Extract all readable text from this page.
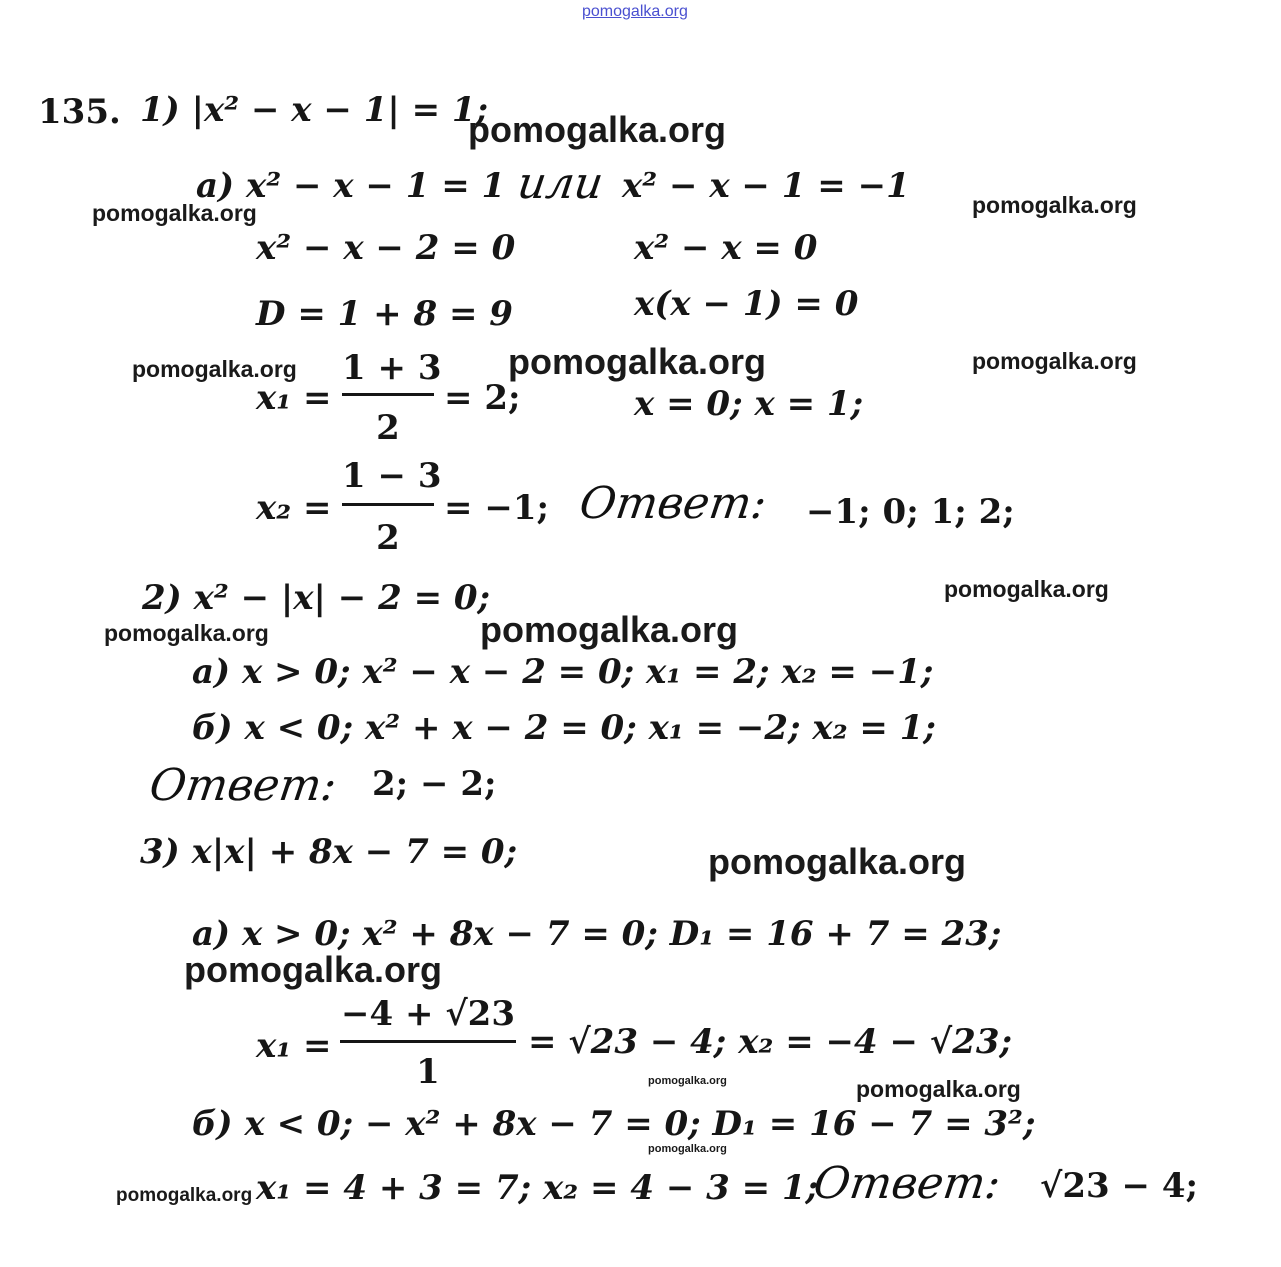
pomogalka.org
135. 1) |x² − x − 1| = 1;
а) x² − x − 1 = 1 или x² − x − 1 = −1
x² − x − 2 = 0	x² − x = 0
D = 1 + 8 = 9	x(x − 1) = 0
x₁ =
1 + 3
2
= 2;	x = 0; x = 1;
x₂ =
1 − 3
2
= −1; Ответ: −1; 0; 1; 2;
2) x² − |x| − 2 = 0;
а) x > 0; x² − x − 2 = 0; x₁ = 2; x₂ = −1;
б) x < 0; x² + x − 2 = 0; x₁ = −2; x₂ = 1;
Ответ: 2; − 2;
3) x|x| + 8x − 7 = 0;
а) x > 0; x² + 8x − 7 = 0; D₁ = 16 + 7 = 23;
x₁ =
−4 + √23
1
= √23 − 4; x₂ = −4 − √23;
б) x < 0; − x² + 8x − 7 = 0; D₁ = 16 − 7 = 3²;
x₁ = 4 + 3 = 7; x₂ = 4 − 3 = 1;
Ответ: √23 − 4;
pomogalka.org
pomogalka.org	pomogalka.org
pomogalka.org	pomogalka.org	pomogalka.org
pomogalka.org
pomogalka.org	pomogalka.org
pomogalka.org
pomogalka.org
pomogalka.org	pomogalka.org
pomogalka.org
pomogalka.org
